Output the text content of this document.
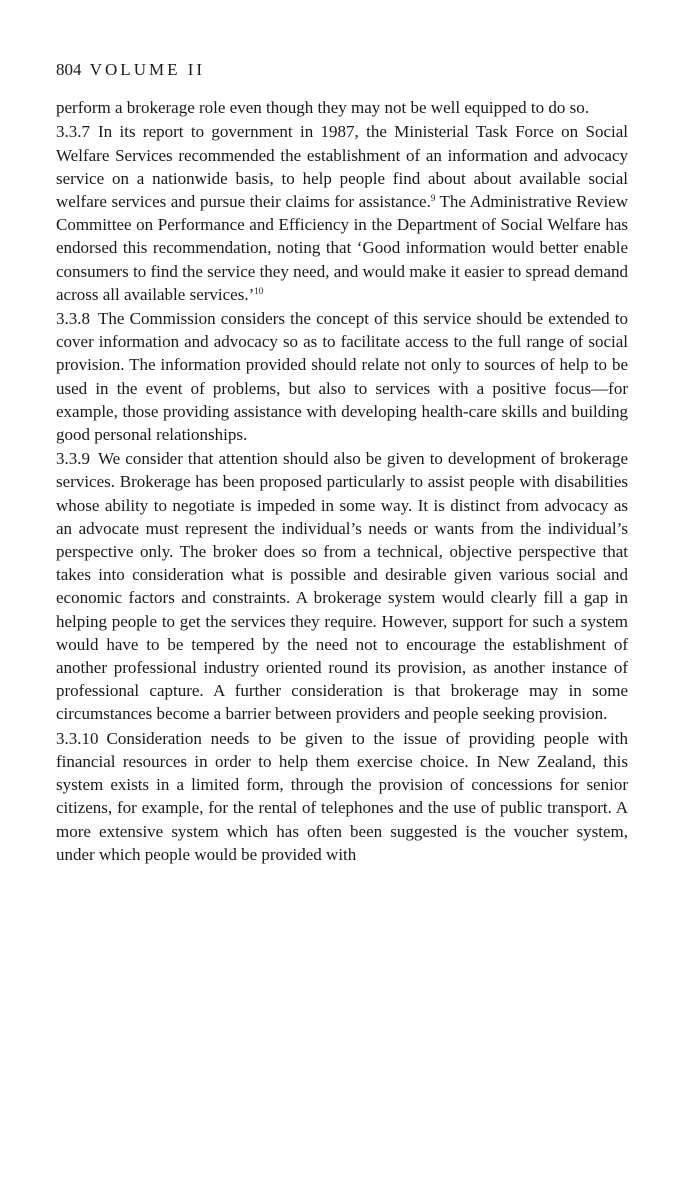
804 VOLUME II

perform a brokerage role even though they may not be well equipped to do so.

3.3.7 In its report to government in 1987, the Ministerial Task Force on Social Welfare Services recommended the establishment of an information and advocacy service on a nationwide basis, to help people find about about available social welfare services and pursue their claims for assistance.$^9$ The Administrative Review Committee on Performance and Efficiency in the Department of Social Welfare has endorsed this recommendation, noting that ‘Good information would better enable consumers to find the service they need, and would make it easier to spread demand across all available services.’$^{10}$

3.3.8 The Commission considers the concept of this service should be extended to cover information and advocacy so as to facilitate access to the full range of social provision. The information provided should relate not only to sources of help to be used in the event of problems, but also to services with a positive focus—for example, those providing assistance with developing health-care skills and building good personal relationships.

3.3.9 We consider that attention should also be given to development of brokerage services. Brokerage has been proposed particularly to assist people with disabilities whose ability to negotiate is impeded in some way. It is distinct from advocacy as an advocate must represent the individual’s needs or wants from the individual’s perspective only. The broker does so from a technical, objective perspective that takes into consideration what is possible and desirable given various social and economic factors and constraints. A brokerage system would clearly fill a gap in helping people to get the services they require. However, support for such a system would have to be tempered by the need not to encourage the establishment of another professional industry oriented round its provision, as another instance of professional capture. A further consideration is that brokerage may in some circumstances become a barrier between providers and people seeking provision.

3.3.10 Consideration needs to be given to the issue of providing people with financial resources in order to help them exercise choice. In New Zealand, this system exists in a limited form, through the provision of concessions for senior citizens, for example, for the rental of telephones and the use of public transport. A more extensive system which has often been suggested is the voucher system, under which people would be provided with
